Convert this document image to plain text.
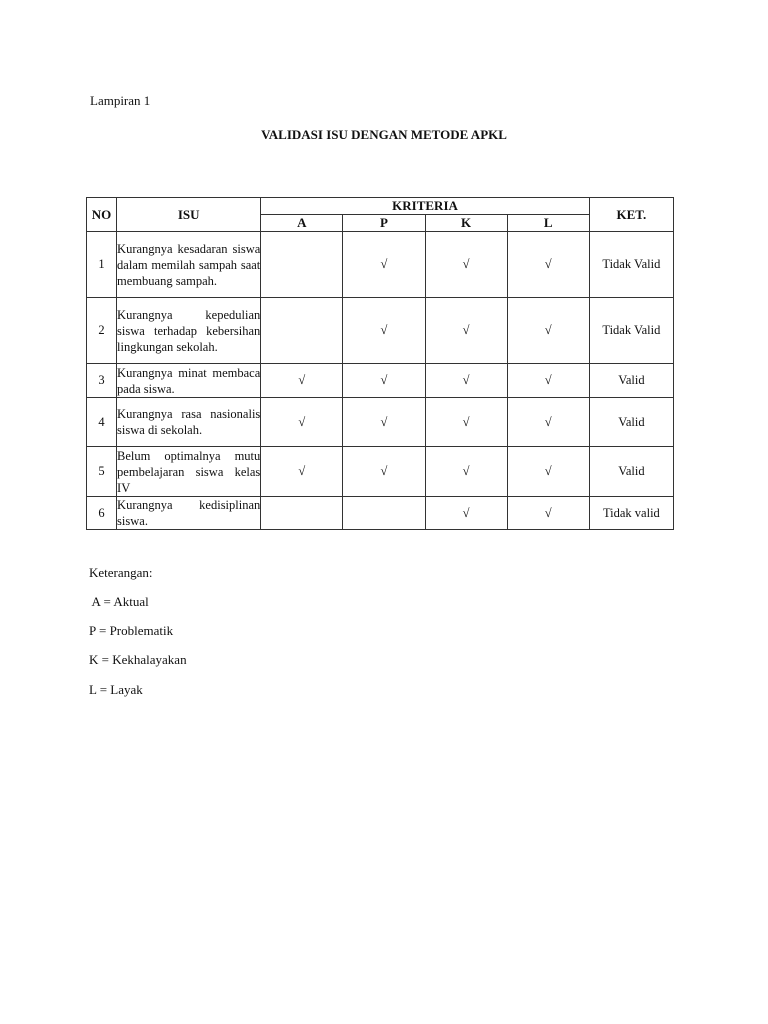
Lampiran 1
VALIDASI ISU DENGAN METODE APKL
NO	ISU	KRITERIA				KET.
		A	P	K	L	
1	Kurangnya kesadaran siswa dalam memilah sampah saat membuang sampah.		√	√	√	Tidak Valid
2	Kurangnya kepedulian siswa terhadap kebersihan lingkungan sekolah.		√	√	√	Tidak Valid
3	Kurangnya minat membaca pada siswa.	√	√	√	√	Valid
4	Kurangnya rasa nasionalis siswa di sekolah.	√	√	√	√	Valid
5	Belum optimalnya mutu pembelajaran siswa kelas IV	√	√	√	√	Valid
6	Kurangnya kedisiplinan siswa.			√	√	Tidak valid
Keterangan:
A = Aktual
P = Problematik
K = Kekhalayakan
L = Layak
